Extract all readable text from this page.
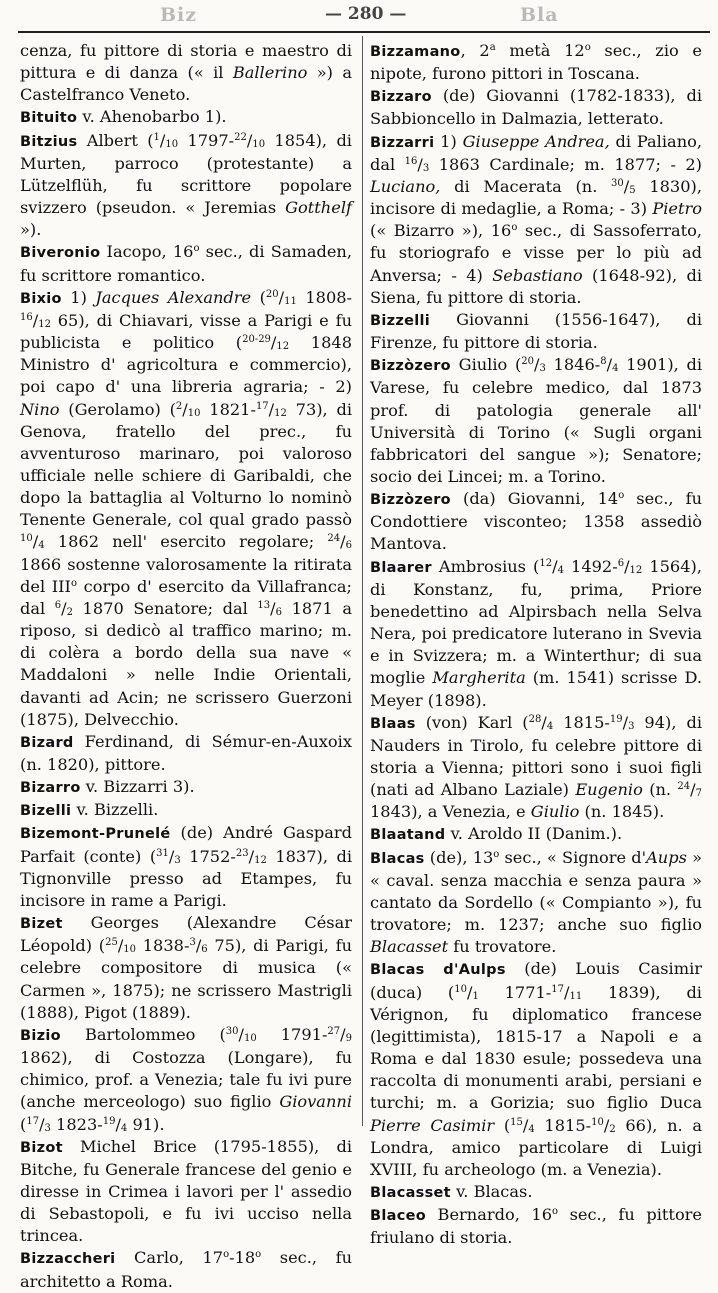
Biz	— 280 —	Bla

cenza, fu pittore di storia e maestro di pittura e di danza (« il Ballerino ») a Castelfranco Veneto.

Bituito v. Ahenobarbo 1).

Bitzius Albert ($^1$/10 1797-$^{22}$/10 1854), di Murten, parroco (protestante) a Lützelflüh, fu scrittore popolare svizzero (pseudon. « Jeremias Gotthelf »).

Biveronio Iacopo, 16$^o$ sec., di Samaden, fu scrittore romantico.

Bixio 1) Jacques Alexandre ($^{20}$/11 1808-$^{16}$/12 65), di Chiavari, visse a Parigi e fu publicista e politico ($^{20-29}$/12 1848 Ministro d' agricoltura e commercio), poi capo d' una libreria agraria; - 2) Nino (Gerolamo) ($^2$/10 1821-$^{17}$/12 73), di Genova, fratello del prec., fu avventuroso marinaro, poi valoroso ufficiale nelle schiere di Garibaldi, che dopo la battaglia al Volturno lo nominò Tenente Generale, col qual grado passò $^{10}$/4 1862 nell' esercito regolare; $^{24}$/6 1866 sostenne valorosamente la ritirata del III$^o$ corpo d' esercito da Villafranca; dal $^6$/2 1870 Senatore; dal $^{13}$/6 1871 a riposo, si dedicò al traffico marino; m. di colèra a bordo della sua nave « Maddaloni » nelle Indie Orientali, davanti ad Acin; ne scrissero Guerzoni (1875), Delvecchio.

Bizard Ferdinand, di Sémur-en-Auxoix (n. 1820), pittore.

Bizarro v. Bizzarri 3).

Bizelli v. Bizzelli.

Bizemont-Prunelé (de) André Gaspard Parfait (conte) ($^{31}$/3 1752-$^{23}$/12 1837), di Tignonville presso ad Etampes, fu incisore in rame a Parigi.

Bizet Georges (Alexandre César Léopold) ($^{25}$/10 1838-$^3$/6 75), di Parigi, fu celebre compositore di musica (« Carmen », 1875); ne scrissero Mastrigli (1888), Pigot (1889).

Bizio Bartolommeo ($^{30}$/10 1791-$^{27}$/9 1862), di Costozza (Longare), fu chimico, prof. a Venezia; tale fu ivi pure (anche merceologo) suo figlio Giovanni ($^{17}$/3 1823-$^{19}$/4 91).

Bizot Michel Brice (1795-1855), di Bitche, fu Generale francese del genio e diresse in Crimea i lavori per l' assedio di Sebastopoli, e fu ivi ucciso nella trincea.

Bizzaccheri Carlo, 17$^o$-18$^o$ sec., fu architetto a Roma.

Bizzamano, 2$^a$ metà 12$^o$ sec., zio e nipote, furono pittori in Toscana.

Bizzaro (de) Giovanni (1782-1833), di Sabbioncello in Dalmazia, letterato.

Bizzarri 1) Giuseppe Andrea, di Paliano, dal $^{16}$/3 1863 Cardinale; m. 1877; - 2) Luciano, di Macerata (n. $^{30}$/5 1830), incisore di medaglie, a Roma; - 3) Pietro (« Bizarro »), 16$^o$ sec., di Sassoferrato, fu storiografo e visse per lo più ad Anversa; - 4) Sebastiano (1648-92), di Siena, fu pittore di storia.

Bizzelli Giovanni (1556-1647), di Firenze, fu pittore di storia.

Bizzòzero Giulio ($^{20}$/3 1846-$^8$/4 1901), di Varese, fu celebre medico, dal 1873 prof. di patologia generale all' Università di Torino (« Sugli organi fabbricatori del sangue »); Senatore; socio dei Lincei; m. a Torino.

Bizzòzero (da) Giovanni, 14$^o$ sec., fu Condottiere visconteo; 1358 assediò Mantova.

Blaarer Ambrosius ($^{12}$/4 1492-$^6$/12 1564), di Konstanz, fu, prima, Priore benedettino ad Alpirsbach nella Selva Nera, poi predicatore luterano in Svevia e in Svizzera; m. a Winterthur; di sua moglie Margherita (m. 1541) scrisse D. Meyer (1898).

Blaas (von) Karl ($^{28}$/4 1815-$^{19}$/3 94), di Nauders in Tirolo, fu celebre pittore di storia a Vienna; pittori sono i suoi figli (nati ad Albano Laziale) Eugenio (n. $^{24}$/7 1843), a Venezia, e Giulio (n. 1845).

Blaatand v. Aroldo II (Danim.).

Blacas (de), 13$^o$ sec., « Signore d'Aups » « caval. senza macchia e senza paura » cantato da Sordello (« Compianto »), fu trovatore; m. 1237; anche suo figlio Blacasset fu trovatore.

Blacas d'Aulps (de) Louis Casimir (duca) ($^{10}$/1 1771-$^{17}$/11 1839), di Vérignon, fu diplomatico francese (legittimista), 1815-17 a Napoli e a Roma e dal 1830 esule; possedeva una raccolta di monumenti arabi, persiani e turchi; m. a Gorizia; suo figlio Duca Pierre Casimir ($^{15}$/4 1815-$^{10}$/2 66), n. a Londra, amico particolare di Luigi XVIII, fu archeologo (m. a Venezia).

Blacasset v. Blacas.

Blaceo Bernardo, 16$^o$ sec., fu pittore friulano di storia.
